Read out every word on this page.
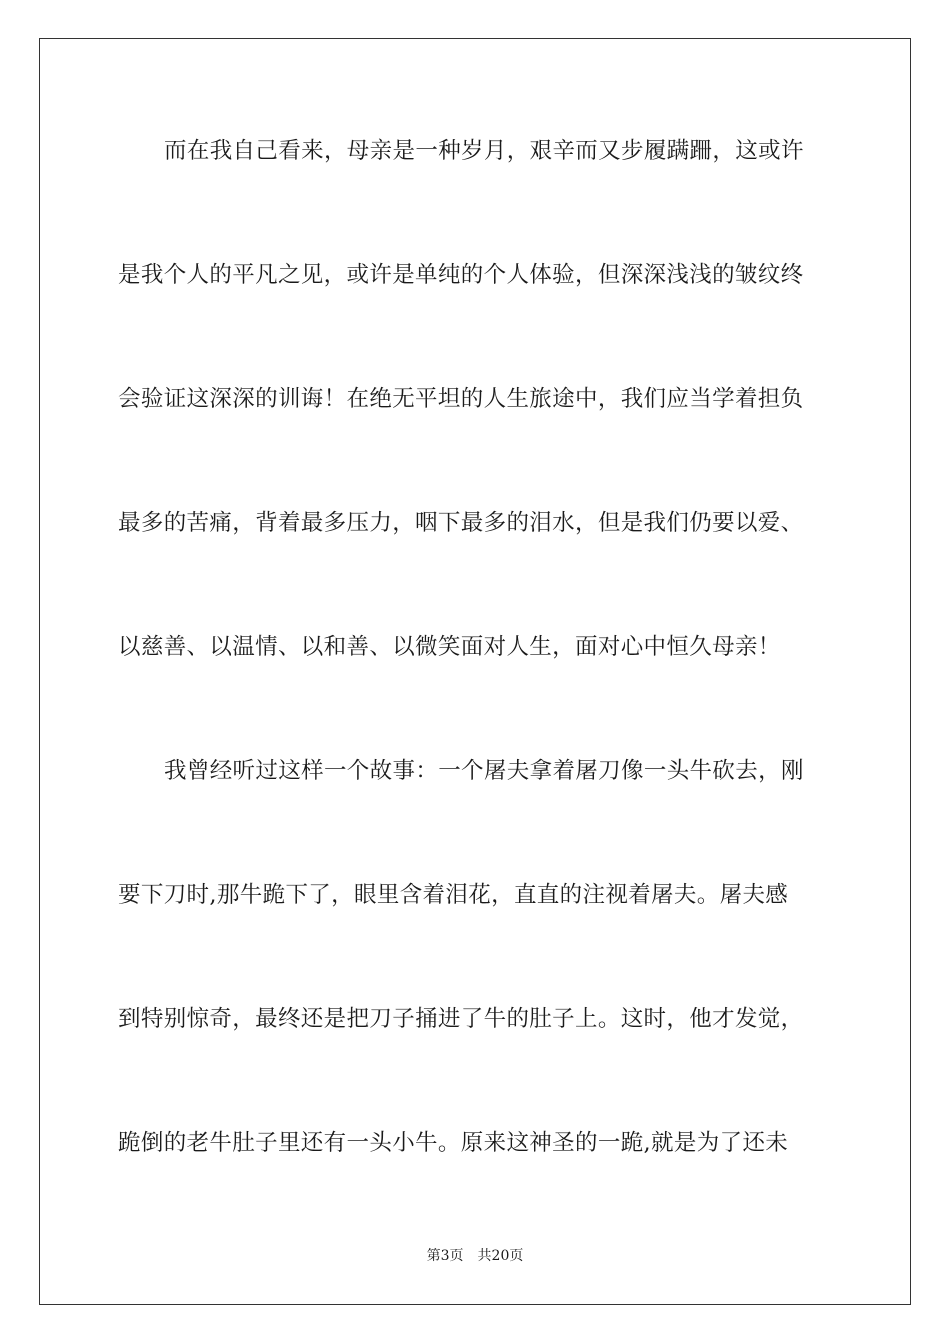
而在我自己看来，母亲是一种岁月，艰辛而又步履蹒跚，这或许
是我个人的平凡之见，或许是单纯的个人体验，但深深浅浅的皱纹终
会验证这深深的训诲！在绝无平坦的人生旅途中，我们应当学着担负
最多的苦痛，背着最多压力，咽下最多的泪水，但是我们仍要以爱、
以慈善、以温情、以和善、以微笑面对人生，面对心中恒久母亲！
我曾经听过这样一个故事：一个屠夫拿着屠刀像一头牛砍去，刚
要下刀时,那牛跪下了，眼里含着泪花，直直的注视着屠夫。屠夫感
到特别惊奇，最终还是把刀子捅进了牛的肚子上。这时，他才发觉，
跪倒的老牛肚子里还有一头小牛。原来这神圣的一跪,就是为了还未
第3页 共20页
